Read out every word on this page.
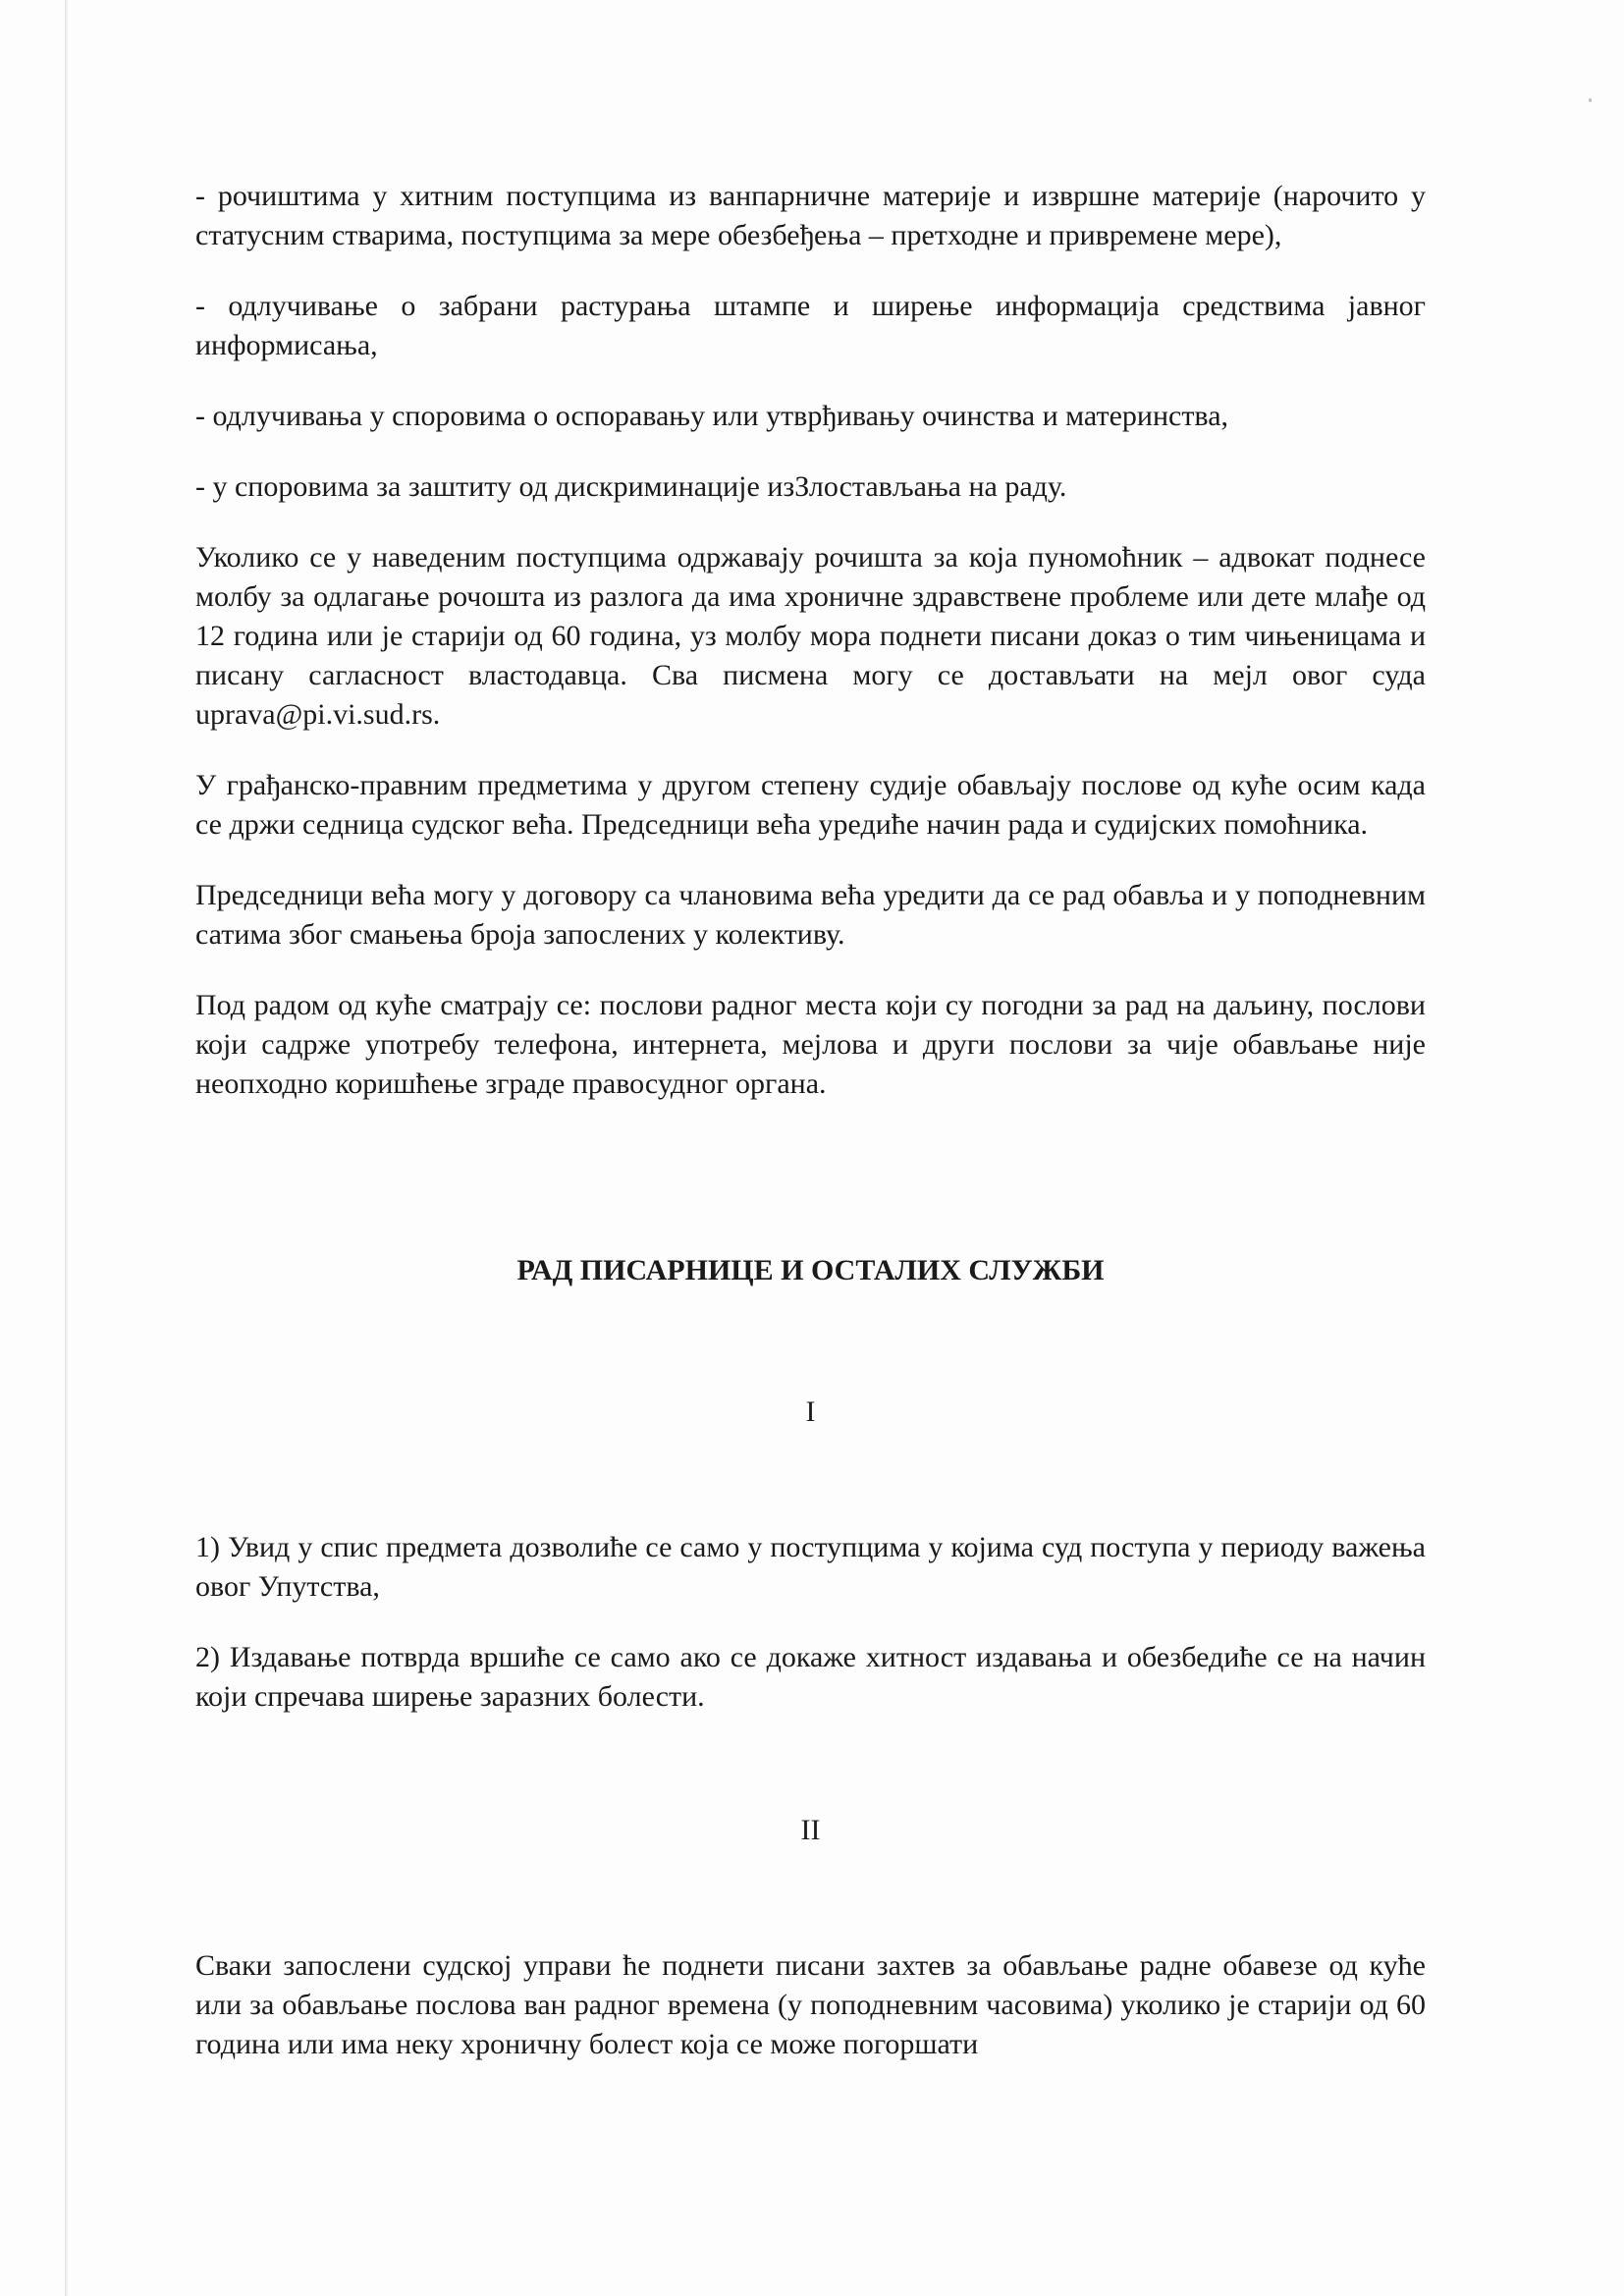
- рочиштима у хитним поступцима из ванпарничне материје и извршне материје (нарочито у статусним стварима, поступцима за мере обезбеђења – претходне и привремене мере),

- одлучивање о забрани растурања штампе и ширење информација средствима јавног информисања,

- одлучивања у споровима о оспоравању или утврђивању очинства и материнства,

- у споровима за заштиту од дискриминације изЗлостављања на раду.

Уколико се у наведеним поступцима одржавају рочишта за која пуномоћник – адвокат поднесе молбу за одлагање рочошта из разлога да има хроничне здравствене проблеме или дете млађе од 12 година или је старији од 60 година, уз молбу мора поднети писани доказ о тим чињеницама и писану сагласност властодавца. Сва писмена могу се достављати на мејл овог суда uprava@pi.vi.sud.rs.

У грађанско-правним предметима у другом степену судије обављају послове од куће осим када се држи седница судског већа. Председници већа уредиће начин рада и судијских помоћника.

Председници већа могу у договору са члановима већа уредити да се рад обавља и у поподневним сатима због смањења броја запослених у колективу.

Под радом од куће сматрају се: послови радног места који су погодни за рад на даљину, послови који садрже употребу телефона, интернета, мејлова и други послови за чије обављање није неопходно коришћење зграде правосудног органа.

РАД ПИСАРНИЦЕ И ОСТАЛИХ СЛУЖБИ

I

1) Увид у спис предмета дозволиће се само у поступцима у којима суд поступа у периоду важења овог Упутства,

2) Издавање потврда вршиће се само ако се докаже хитност издавања и обезбедиће се на начин који спречава ширење заразних болести.

II

Сваки запослени судској управи ће поднети писани захтев за обављање радне обавезе од куће или за обављање послова ван радног времена (у поподневним часовима) уколико је старији од 60 година или има неку хроничну болест која се може погоршати
